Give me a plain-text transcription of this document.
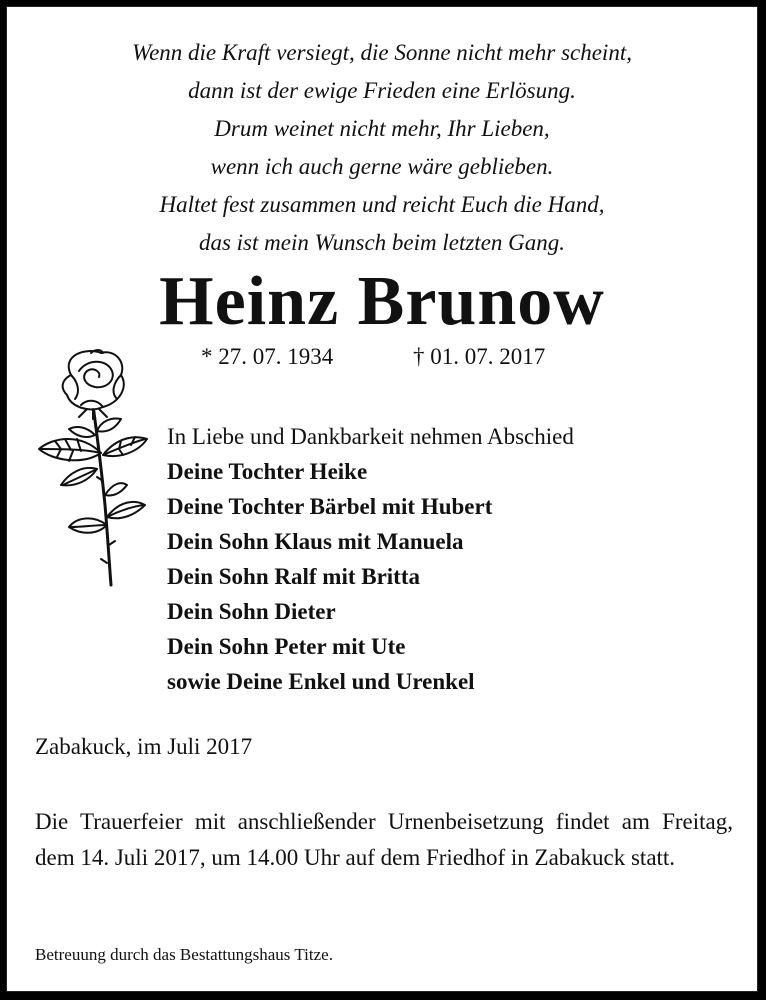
Wenn die Kraft versiegt, die Sonne nicht mehr scheint,
dann ist der ewige Frieden eine Erlösung.
Drum weinet nicht mehr, Ihr Lieben,
wenn ich auch gerne wäre geblieben.
Haltet fest zusammen und reicht Euch die Hand,
das ist mein Wunsch beim letzten Gang.
Heinz Brunow
* 27. 07. 1934	† 01. 07. 2017
In Liebe und Dankbarkeit nehmen Abschied
Deine Tochter Heike
Deine Tochter Bärbel mit Hubert
Dein Sohn Klaus mit Manuela
Dein Sohn Ralf mit Britta
Dein Sohn Dieter
Dein Sohn Peter mit Ute
sowie Deine Enkel und Urenkel
Zabakuck, im Juli 2017
Die Trauerfeier mit anschließender Urnenbeisetzung findet am Freitag, dem 14. Juli 2017, um 14.00 Uhr auf dem Friedhof in Zabakuck statt.
Betreuung durch das Bestattungshaus Titze.
